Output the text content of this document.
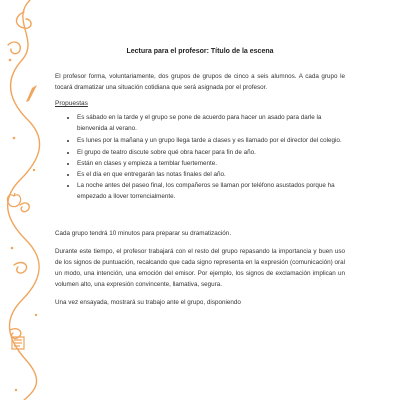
Lectura para el profesor: Título de la escena

El profesor forma, voluntariamente, dos grupos de grupos de cinco a seis alumnos. A cada grupo le tocará dramatizar una situación cotidiana que será asignada por el profesor.

Propuestas
• Es sábado en la tarde y el grupo se pone de acuerdo para hacer un asado para darle la bienvenida al verano.
• Es lunes por la mañana y un grupo llega tarde a clases y es llamado por el director del colegio.
• El grupo de teatro discute sobre qué obra hacer para fin de año.
• Están en clases y empieza a temblar fuertemente.
• Es el día en que entregarán las notas finales del año.
• La noche antes del paseo final, los compañeros se llaman por teléfono asustados porque ha empezado a llover torrencialmente.

Cada grupo tendrá 10 minutos para preparar su dramatización.

Durante este tiempo, el profesor trabajará con el resto del grupo repasando la importancia y buen uso de los signos de puntuación, recalcando que cada signo representa en la expresión (comunicación) oral un modo, una intención, una emoción del emisor. Por ejemplo, los signos de exclamación implican un volumen alto, una expresión convincente, llamativa, segura.

Una vez ensayada, mostrará su trabajo ante el grupo, disponiendo
